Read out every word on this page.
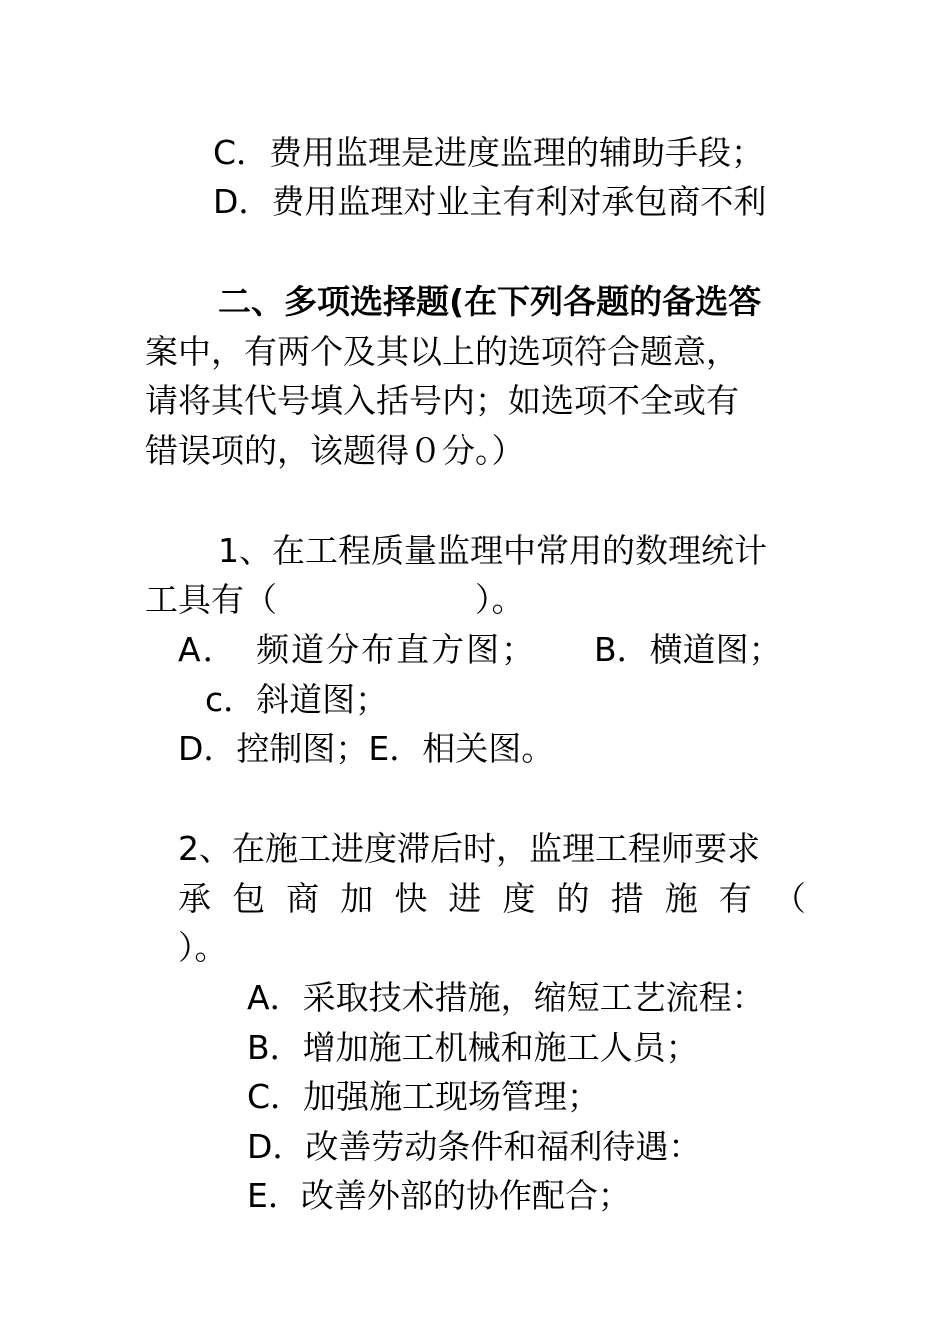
C．费用监理是进度监理的辅助手段；
D．费用监理对业主有利对承包商不利
二、多项选择题(在下列各题的备选答
案中，有两个及其以上的选项符合题意，
请将其代号填入括号内；如选项不全或有
错误项的，该题得０分。）
1、在工程质量监理中常用的数理统计
工具有（　　　　　　）。
A．　频道分布直方图； B．横道图；
c．斜道图；
D．控制图；E．相关图。
2、在施工进度滞后时，监理工程师要求
承 包 商 加 快 进 度 的 措 施 有 （
）。
A．采取技术措施，缩短工艺流程：
B．增加施工机械和施工人员；
C．加强施工现场管理；
D．改善劳动条件和福利待遇：
E．改善外部的协作配合；
